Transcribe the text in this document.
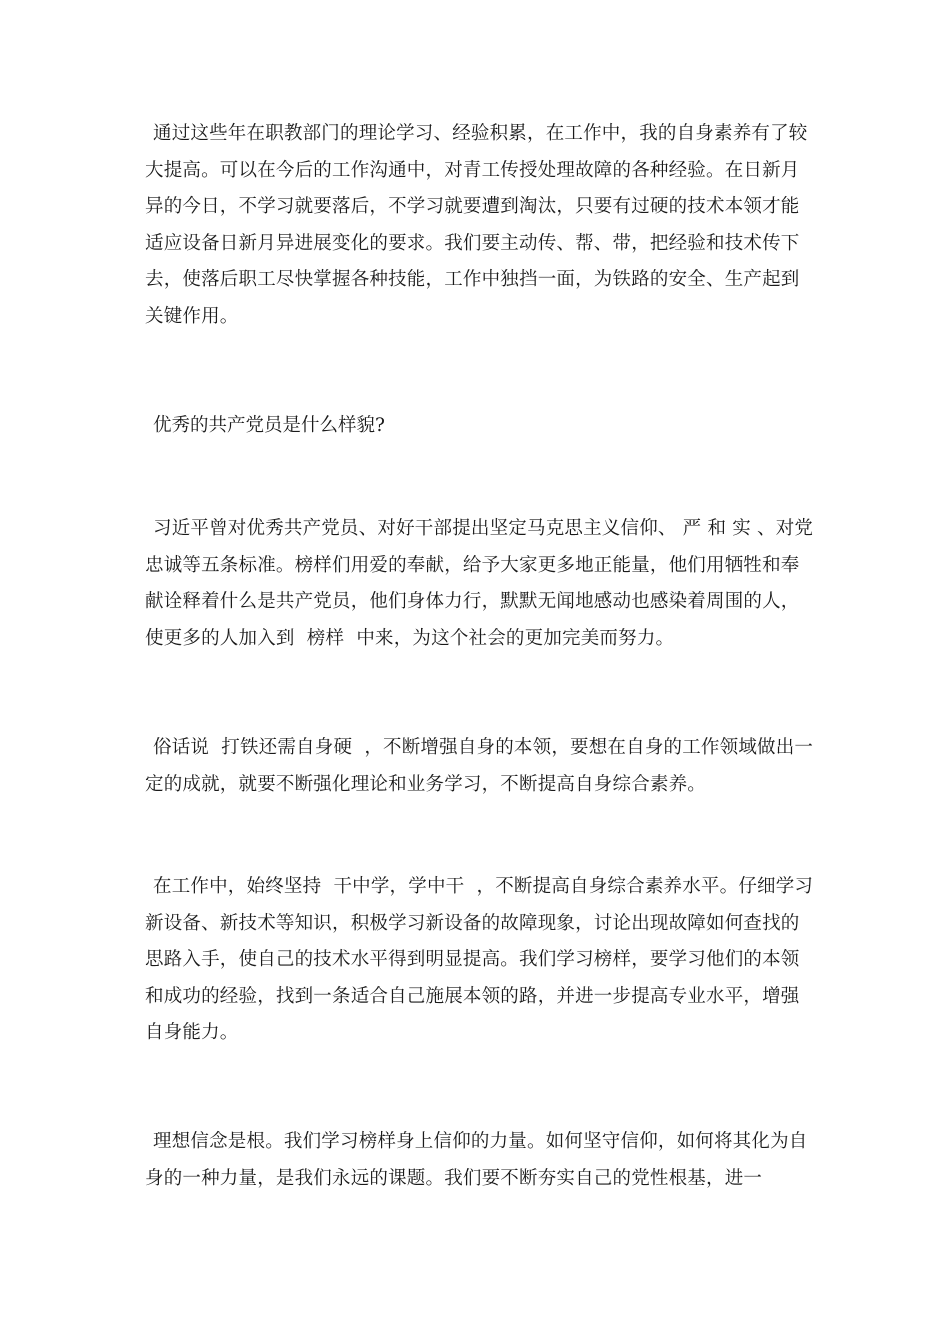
通过这些年在职教部门的理论学习、经验积累，在工作中，我的自身素养有了较大提高。可以在今后的工作沟通中，对青工传授处理故障的各种经验。在日新月异的今日，不学习就要落后，不学习就要遭到淘汰，只要有过硬的技术本领才能适应设备日新月异进展变化的要求。我们要主动传、帮、带，把经验和技术传下去，使落后职工尽快掌握各种技能，工作中独挡一面，为铁路的安全、生产起到关键作用。

优秀的共产党员是什么样貌?

习近平曾对优秀共产党员、对好干部提出坚定马克思主义信仰、 严 和 实 、对党忠诚等五条标准。榜样们用爱的奉献，给予大家更多地正能量，他们用牺牲和奉献诠释着什么是共产党员，他们身体力行，默默无闻地感动也感染着周围的人，使更多的人加入到  榜样  中来，为这个社会的更加完美而努力。

俗话说  打铁还需自身硬  ，不断增强自身的本领，要想在自身的工作领域做出一定的成就，就要不断强化理论和业务学习，不断提高自身综合素养。

在工作中，始终坚持  干中学，学中干  ，不断提高自身综合素养水平。仔细学习新设备、新技术等知识，积极学习新设备的故障现象，讨论出现故障如何查找的思路入手，使自己的技术水平得到明显提高。我们学习榜样，要学习他们的本领和成功的经验，找到一条适合自己施展本领的路，并进一步提高专业水平，增强自身能力。

理想信念是根。我们学习榜样身上信仰的力量。如何坚守信仰，如何将其化为自身的一种力量，是我们永远的课题。我们要不断夯实自己的党性根基，进一
